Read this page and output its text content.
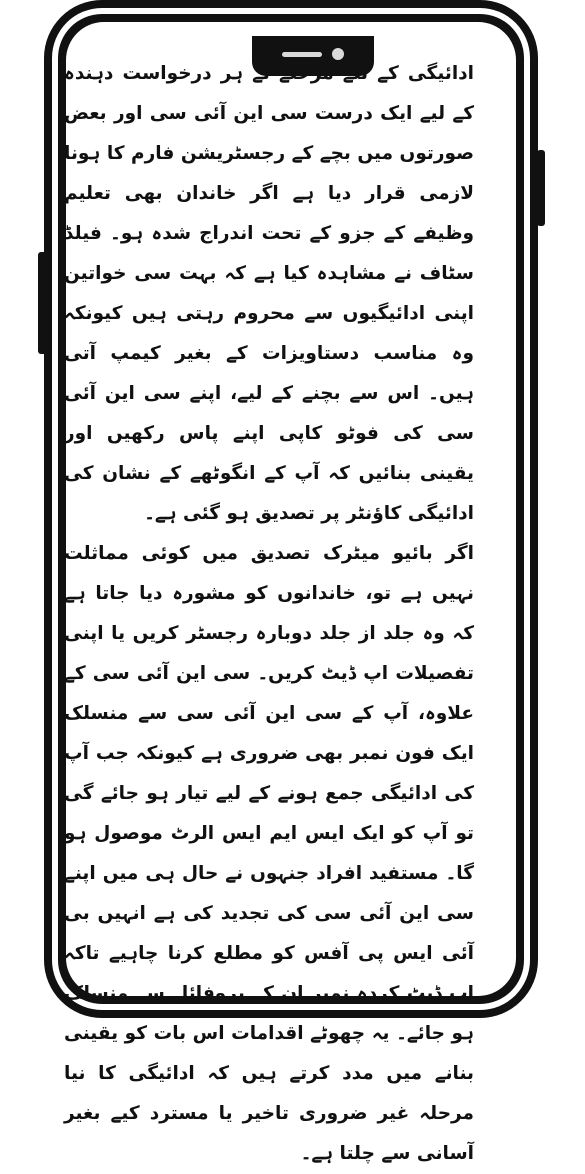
ادائیگی کے نئے مرحلے نے ہر درخواست دہندہ کے لیے ایک درست سی این آئی سی اور بعض صورتوں میں بچے کے رجسٹریشن فارم کا ہونا لازمی قرار دیا ہے اگر خاندان بھی تعلیم وظیفے کے جزو کے تحت اندراج شدہ ہو۔ فیلڈ سٹاف نے مشاہدہ کیا ہے کہ بہت سی خواتین اپنی ادائیگیوں سے محروم رہتی ہیں کیونکہ وہ مناسب دستاویزات کے بغیر کیمپ آتی ہیں۔ اس سے بچنے کے لیے، اپنے سی این آئی سی کی فوٹو کاپی اپنے پاس رکھیں اور یقینی بنائیں کہ آپ کے انگوٹھے کے نشان کی ادائیگی کاؤنٹر پر تصدیق ہو گئی ہے۔

اگر بائیو میٹرک تصدیق میں کوئی مماثلت نہیں ہے تو، خاندانوں کو مشورہ دیا جاتا ہے کہ وہ جلد از جلد دوبارہ رجسٹر کریں یا اپنی تفصیلات اپ ڈیٹ کریں۔ سی این آئی سی کے علاوہ، آپ کے سی این آئی سی سے منسلک ایک فون نمبر بھی ضروری ہے کیونکہ جب آپ کی ادائیگی جمع ہونے کے لیے تیار ہو جائے گی تو آپ کو ایک ایس ایم ایس الرٹ موصول ہو گا۔ مستفید افراد جنہوں نے حال ہی میں اپنے سی این آئی سی کی تجدید کی ہے انہیں بی آئی ایس پی آفس کو مطلع کرنا چاہیے تاکہ اپ ڈیٹ کردہ نمبر ان کے پروفائل سے منسلک ہو جائے۔ یہ چھوٹے اقدامات اس بات کو یقینی بنانے میں مدد کرتے ہیں کہ ادائیگی کا نیا مرحلہ غیر ضروری تاخیر یا مسترد کیے بغیر آسانی سے چلتا ہے۔
